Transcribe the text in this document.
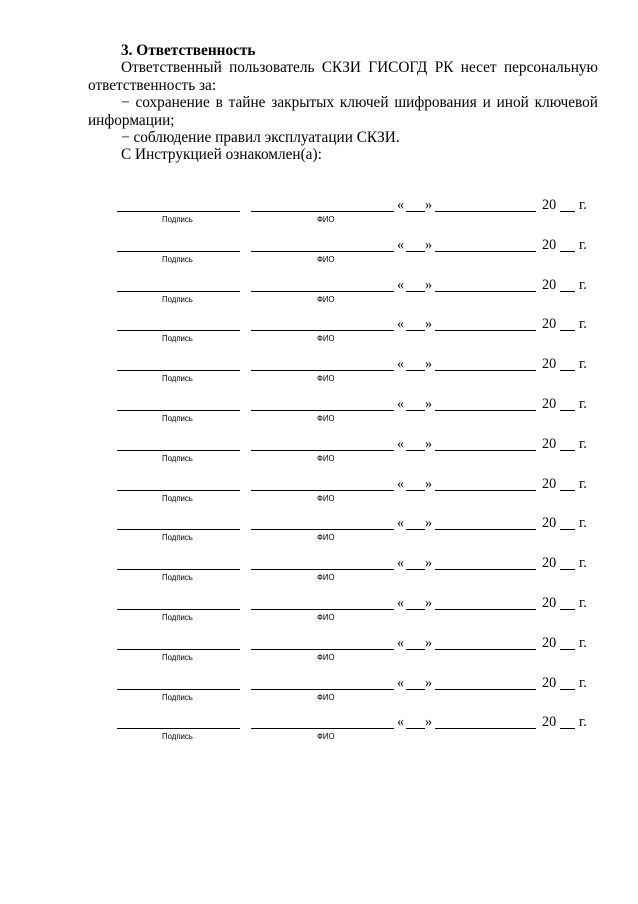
3. Ответственность

Ответственный пользователь СКЗИ ГИСОГД РК несет персональную

ответственность за:

− сохранение в тайне закрытых ключей шифрования и иной ключевой

информации;

− соблюдение правил эксплуатации СКЗИ.

С Инструкцией ознакомлен(а):

« »	20 г.
Подпись	ФИО
« »	20 г.
Подпись	ФИО
« »	20 г.
Подпись	ФИО
« »	20 г.
Подпись	ФИО
« »	20 г.
Подпись	ФИО
« »	20 г.
Подпись	ФИО
« »	20 г.
Подпись	ФИО
« »	20 г.
Подпись	ФИО
« »	20 г.
Подпись	ФИО
« »	20 г.
Подпись	ФИО
« »	20 г.
Подпись	ФИО
« »	20 г.
Подпись	ФИО
« »	20 г.
Подпись	ФИО
« »	20 г.
Подпись	ФИО
